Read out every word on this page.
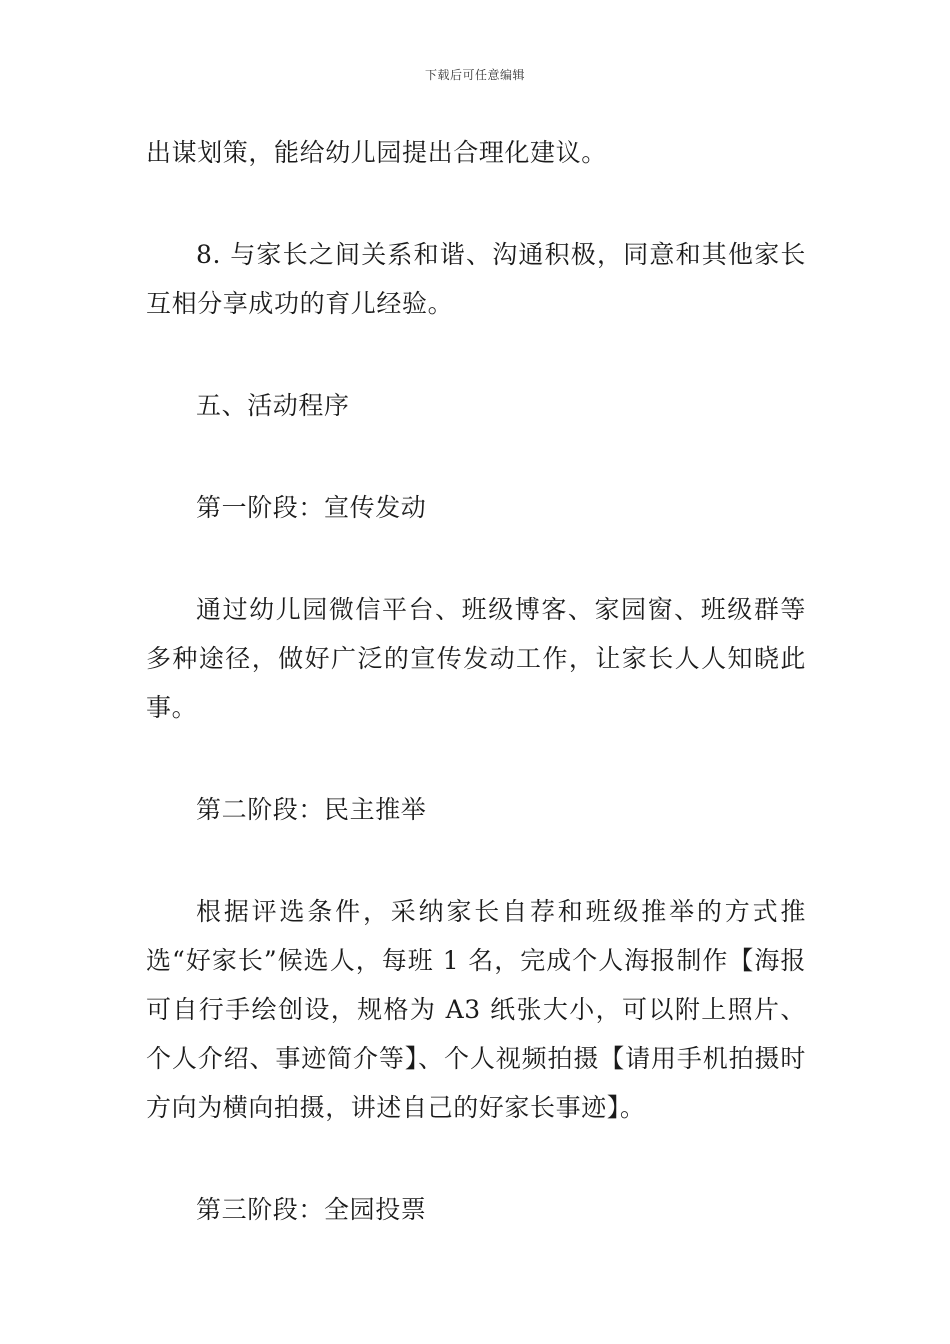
下载后可任意编辑

出谋划策，能给幼儿园提出合理化建议。

8. 与家长之间关系和谐、沟通积极，同意和其他家长互相分享成功的育儿经验。

五、活动程序

第一阶段：宣传发动

通过幼儿园微信平台、班级博客、家园窗、班级群等多种途径，做好广泛的宣传发动工作，让家长人人知晓此事。

第二阶段：民主推举

根据评选条件，采纳家长自荐和班级推举的方式推选“好家长”候选人，每班 1 名，完成个人海报制作【海报可自行手绘创设，规格为 A3 纸张大小，可以附上照片、个人介绍、事迹简介等】、个人视频拍摄【请用手机拍摄时方向为横向拍摄，讲述自己的好家长事迹】。

第三阶段：全园投票
